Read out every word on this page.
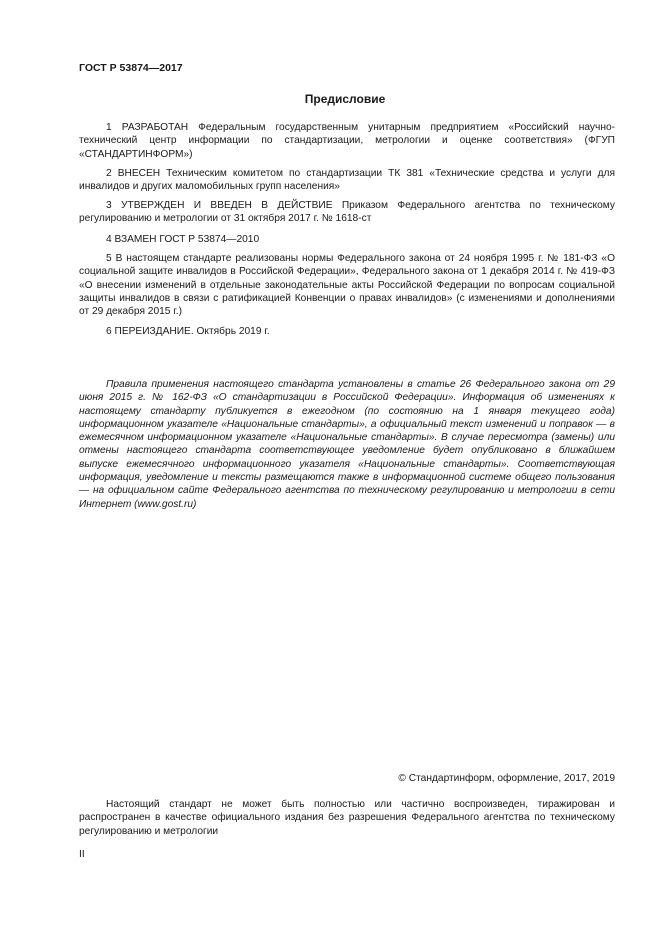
ГОСТ Р 53874—2017
Предисловие

1 РАЗРАБОТАН Федеральным государственным унитарным предприятием «Российский научно-технический центр информации по стандартизации, метрологии и оценке соответствия» (ФГУП «СТАНДАРТИНФОРМ»)

2 ВНЕСЕН Техническим комитетом по стандартизации ТК 381 «Технические средства и услуги для инвалидов и других маломобильных групп населения»

3 УТВЕРЖДЕН И ВВЕДЕН В ДЕЙСТВИЕ Приказом Федерального агентства по техническому регулированию и метрологии от 31 октября 2017 г. № 1618-ст

4 ВЗАМЕН ГОСТ Р 53874—2010

5 В настоящем стандарте реализованы нормы Федерального закона от 24 ноября 1995 г. № 181-ФЗ «О социальной защите инвалидов в Российской Федерации», Федерального закона от 1 декабря 2014 г. № 419-ФЗ «О внесении изменений в отдельные законодательные акты Российской Федерации по вопросам социальной защиты инвалидов в связи с ратификацией Конвенции о правах инвалидов» (с изменениями и дополнениями от 29 декабря 2015 г.)

6 ПЕРЕИЗДАНИЕ. Октябрь 2019 г.

Правила применения настоящего стандарта установлены в статье 26 Федерального закона от 29 июня 2015 г. № 162-ФЗ «О стандартизации в Российской Федерации». Информация об изменениях к настоящему стандарту публикуется в ежегодном (по состоянию на 1 января текущего года) информационном указателе «Национальные стандарты», а официальный текст изменений и поправок — в ежемесячном информационном указателе «Национальные стандарты». В случае пересмотра (замены) или отмены настоящего стандарта соответствующее уведомление будет опубликовано в ближайшем выпуске ежемесячного информационного указателя «Национальные стандарты». Соответствующая информация, уведомление и тексты размещаются также в информационной системе общего пользования — на официальном сайте Федерального агентства по техническому регулированию и метрологии в сети Интернет (www.gost.ru)

© Стандартинформ, оформление, 2017, 2019

Настоящий стандарт не может быть полностью или частично воспроизведен, тиражирован и распространен в качестве официального издания без разрешения Федерального агентства по техническому регулированию и метрологии

II
